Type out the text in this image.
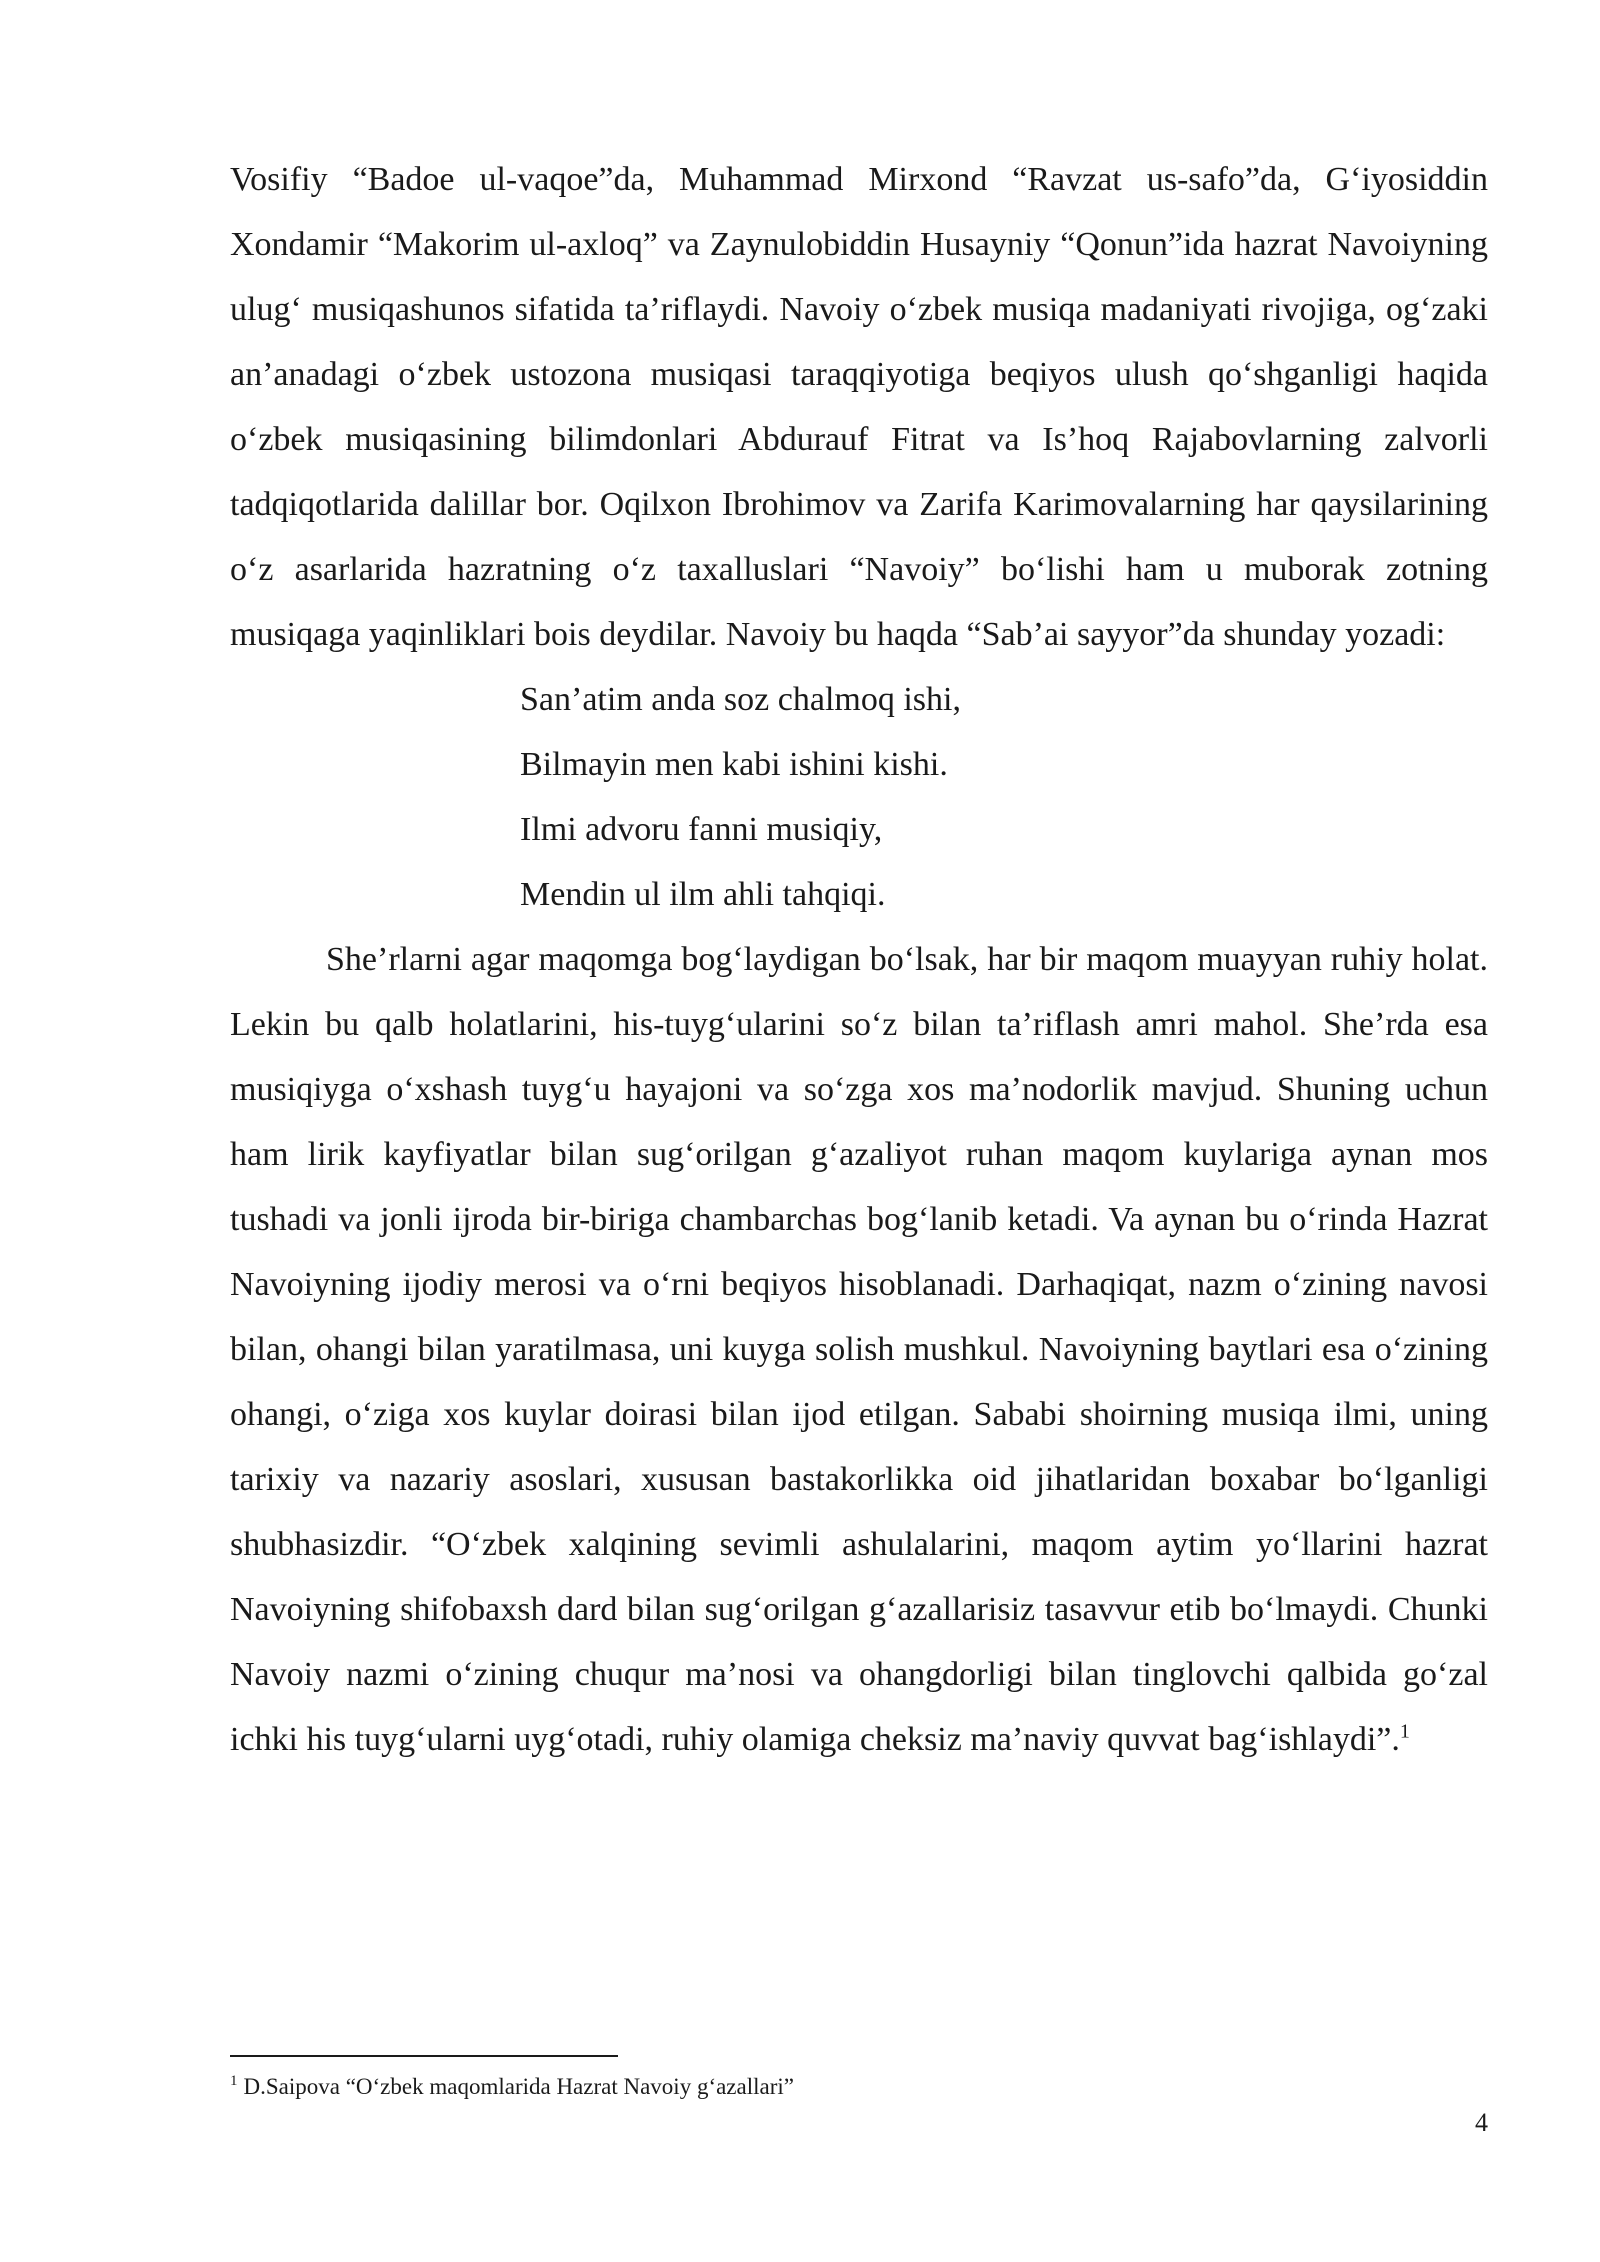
Vosifiy “Badoe ul-vaqoe”da, Muhammad Mirxond “Ravzat us-safo”da, G‘iyosiddin Xondamir “Makorim ul-axloq” va Zaynulobiddin Husayniy “Qonun”ida hazrat Navoiyning ulug‘ musiqashunos sifatida ta’riflaydi. Navoiy o‘zbek musiqa madaniyati rivojiga, og‘zaki an’anadagi o‘zbek ustozona musiqasi taraqqiyotiga beqiyos ulush qo‘shganligi haqida o‘zbek musiqasining bilimdonlari Abdurauf Fitrat va Is’hoq Rajabovlarning zalvorli tadqiqotlarida dalillar bor. Oqilxon Ibrohimov va Zarifa Karimovalarning har qaysilarining o‘z asarlarida hazratning o‘z taxalluslari “Navoiy” bo‘lishi ham u muborak zotning musiqaga yaqinliklari bois deydilar. Navoiy bu haqda “Sab’ai sayyor”da shunday yozadi:

San’atim anda soz chalmoq ishi,
Bilmayin men kabi ishini kishi.
Ilmi advoru fanni musiqiy,
Mendin ul ilm ahli tahqiqi.

She’rlarni agar maqomga bog‘laydigan bo‘lsak, har bir maqom muayyan ruhiy holat. Lekin bu qalb holatlarini, his-tuyg‘ularini so‘z bilan ta’riflash amri mahol. She’rda esa musiqiyga o‘xshash tuyg‘u hayajoni va so‘zga xos ma’nodorlik mavjud. Shuning uchun ham lirik kayfiyatlar bilan sug‘orilgan g‘azaliyot ruhan maqom kuylariga aynan mos tushadi va jonli ijroda bir-biriga chambarchas bog‘lanib ketadi. Va aynan bu o‘rinda Hazrat Navoiyning ijodiy merosi va o‘rni beqiyos hisoblanadi. Darhaqiqat, nazm o‘zining navosi bilan, ohangi bilan yaratilmasa, uni kuyga solish mushkul. Navoiyning baytlari esa o‘zining ohangi, o‘ziga xos kuylar doirasi bilan ijod etilgan. Sababi shoirning musiqa ilmi, uning tarixiy va nazariy asoslari, xususan bastakorlikka oid jihatlaridan boxabar bo‘lganligi shubhasizdir. “O‘zbek xalqining sevimli ashulalarini, maqom aytim yo‘llarini hazrat Navoiyning shifobaxsh dard bilan sug‘orilgan g‘azallarisiz tasavvur etib bo‘lmaydi. Chunki Navoiy nazmi o‘zining chuqur ma’nosi va ohangdorligi bilan tinglovchi qalbida go‘zal ichki his tuyg‘ularni uyg‘otadi, ruhiy olamiga cheksiz ma’naviy quvvat bag‘ishlaydi”.$^1$

$^1$ D.Saipova “O‘zbek maqomlarida Hazrat Navoiy g‘azallari”
4
